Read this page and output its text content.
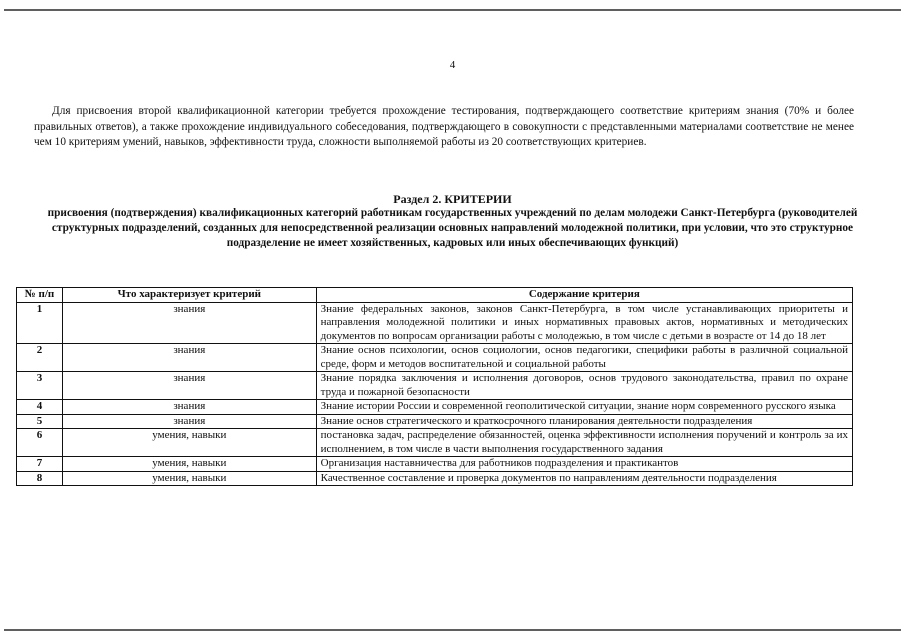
4

Для присвоения второй квалификационной категории требуется прохождение тестирования, подтверждающего соответствие критериям знания (70% и более правильных ответов), а также прохождение индивидуального собеседования, подтверждающего в совокупности с представленными материалами соответствие не менее чем 10 критериям умений, навыков, эффективности труда, сложности выполняемой работы из 20 соответствующих критериев.

Раздел 2. КРИТЕРИИ

присвоения (подтверждения) квалификационных категорий работникам государственных учреждений по делам молодежи Санкт-Петербурга (руководителей структурных подразделений, созданных для непосредственной реализации основных направлений молодежной политики, при условии, что это структурное подразделение не имеет хозяйственных, кадровых или иных обеспечивающих функций)

№ п/п	Что характеризует критерий	Содержание критерия
1	знания	Знание федеральных законов, законов Санкт-Петербурга, в том числе устанавливающих приоритеты и направления молодежной политики и иных нормативных правовых актов, нормативных и методических документов по вопросам организации работы с молодежью, в том числе с детьми в возрасте от 14 до 18 лет
2	знания	Знание основ психологии, основ социологии, основ педагогики, специфики работы в различной социальной среде, форм и методов воспитательной и социальной работы
3	знания	Знание порядка заключения и исполнения договоров, основ трудового законодательства, правил по охране труда и пожарной безопасности
4	знания	Знание истории России и современной геополитической ситуации, знание норм современного русского языка
5	знания	Знание основ стратегического и краткосрочного планирования деятельности подразделения
6	умения, навыки	постановка задач, распределение обязанностей, оценка эффективности исполнения поручений и контроль за их исполнением, в том числе в части выполнения государственного задания
7	умения, навыки	Организация наставничества для работников подразделения и практикантов
8	умения, навыки	Качественное составление и проверка документов по направлениям деятельности подразделения
